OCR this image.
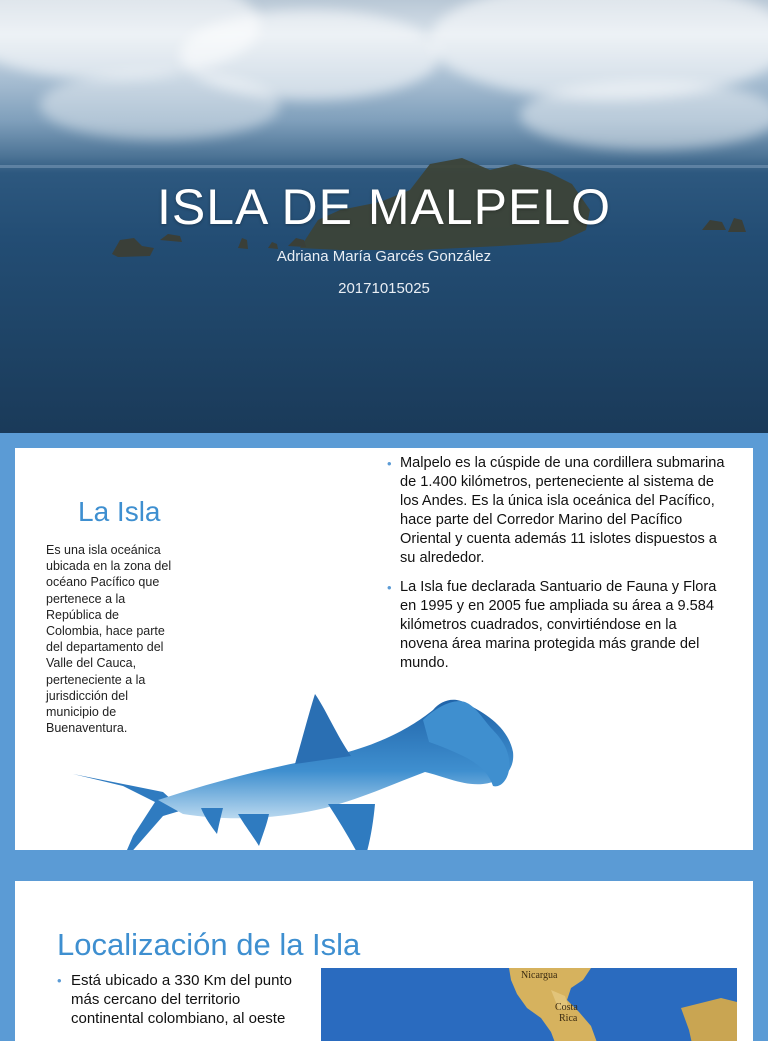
ISLA DE MALPELO
Adriana María Garcés González
20171015025
La Isla
Es una isla oceánica ubicada en la zona del océano Pacífico que pertenece a la República de Colombia, hace parte del departamento del Valle del Cauca, perteneciente a la jurisdicción del municipio de Buenaventura.
• Malpelo es la cúspide de una cordillera submarina de 1.400 kilómetros, perteneciente al sistema de los Andes. Es la única isla oceánica del Pacífico, hace parte del Corredor Marino del Pacífico Oriental y cuenta además 11 islotes dispuestos a su alrededor.
• La Isla fue declarada Santuario de Fauna y Flora en 1995 y en 2005 fue ampliada su área a 9.584 kilómetros cuadrados, convirtiéndose en la novena área marina protegida más grande del mundo.
Localización de la Isla
• Está ubicado a 330 Km del punto más cercano del territorio continental colombiano, al oeste
Nicargua
Costa
Rica
